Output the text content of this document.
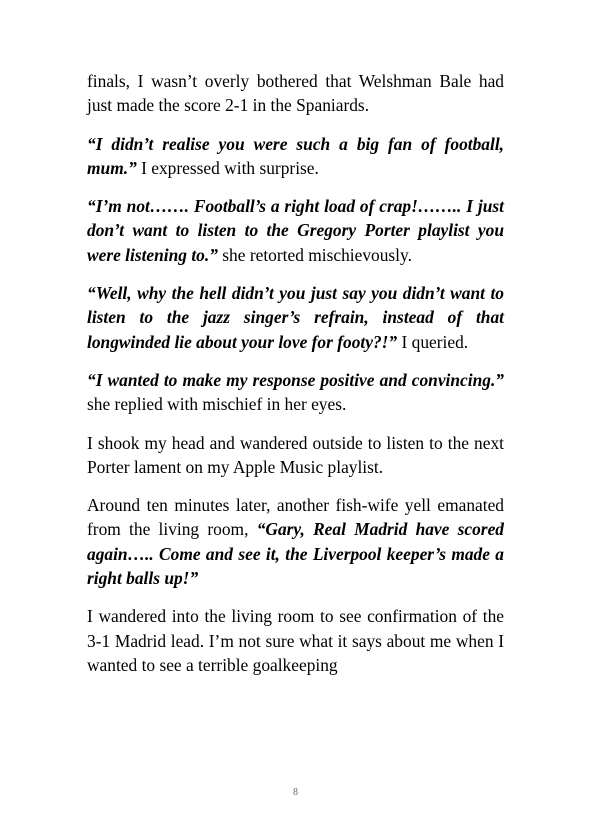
finals, I wasn’t overly bothered that Welshman Bale had just made the score 2-1 in the Spaniards.

“I didn’t realise you were such a big fan of football, mum.” I expressed with surprise.

“I’m not……. Football’s a right load of crap!…….. I just don’t want to listen to the Gregory Porter playlist you were listening to.” she retorted mischievously.

“Well, why the hell didn’t you just say you didn’t want to listen to the jazz singer’s refrain, instead of that longwinded lie about your love for footy?!” I queried.

“I wanted to make my response positive and convincing.” she replied with mischief in her eyes.

I shook my head and wandered outside to listen to the next Porter lament on my Apple Music playlist.

Around ten minutes later, another fish-wife yell emanated from the living room, “Gary, Real Madrid have scored again….. Come and see it, the Liverpool keeper’s made a right balls up!”

I wandered into the living room to see confirmation of the 3-1 Madrid lead. I’m not sure what it says about me when I wanted to see a terrible goalkeeping

8
